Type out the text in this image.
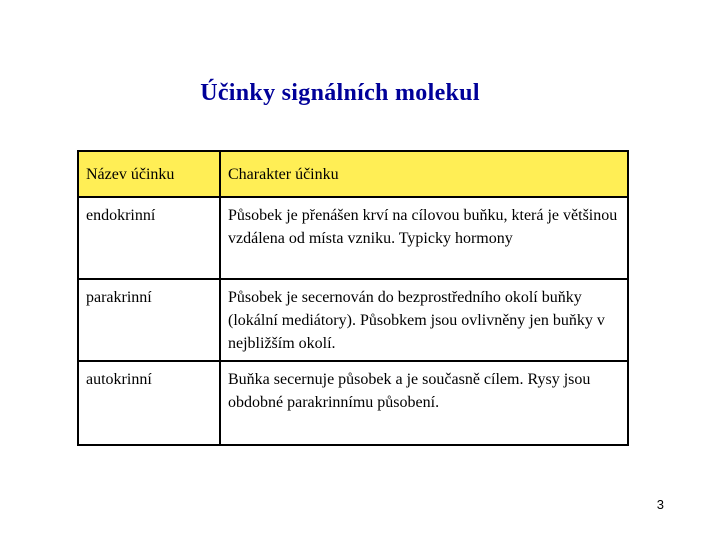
Účinky signálních molekul
Název účinku	Charakter účinku
endokrinní	Působek je přenášen krví na cílovou buňku, která je většinou vzdálena od místa vzniku. Typicky hormony
parakrinní	Působek je secernován do bezprostředního okolí buňky (lokální mediátory). Působkem jsou ovlivněny jen buňky v nejbližším okolí.
autokrinní	Buňka secernuje působek a je současně cílem. Rysy jsou obdobné parakrinnímu působení.
3
